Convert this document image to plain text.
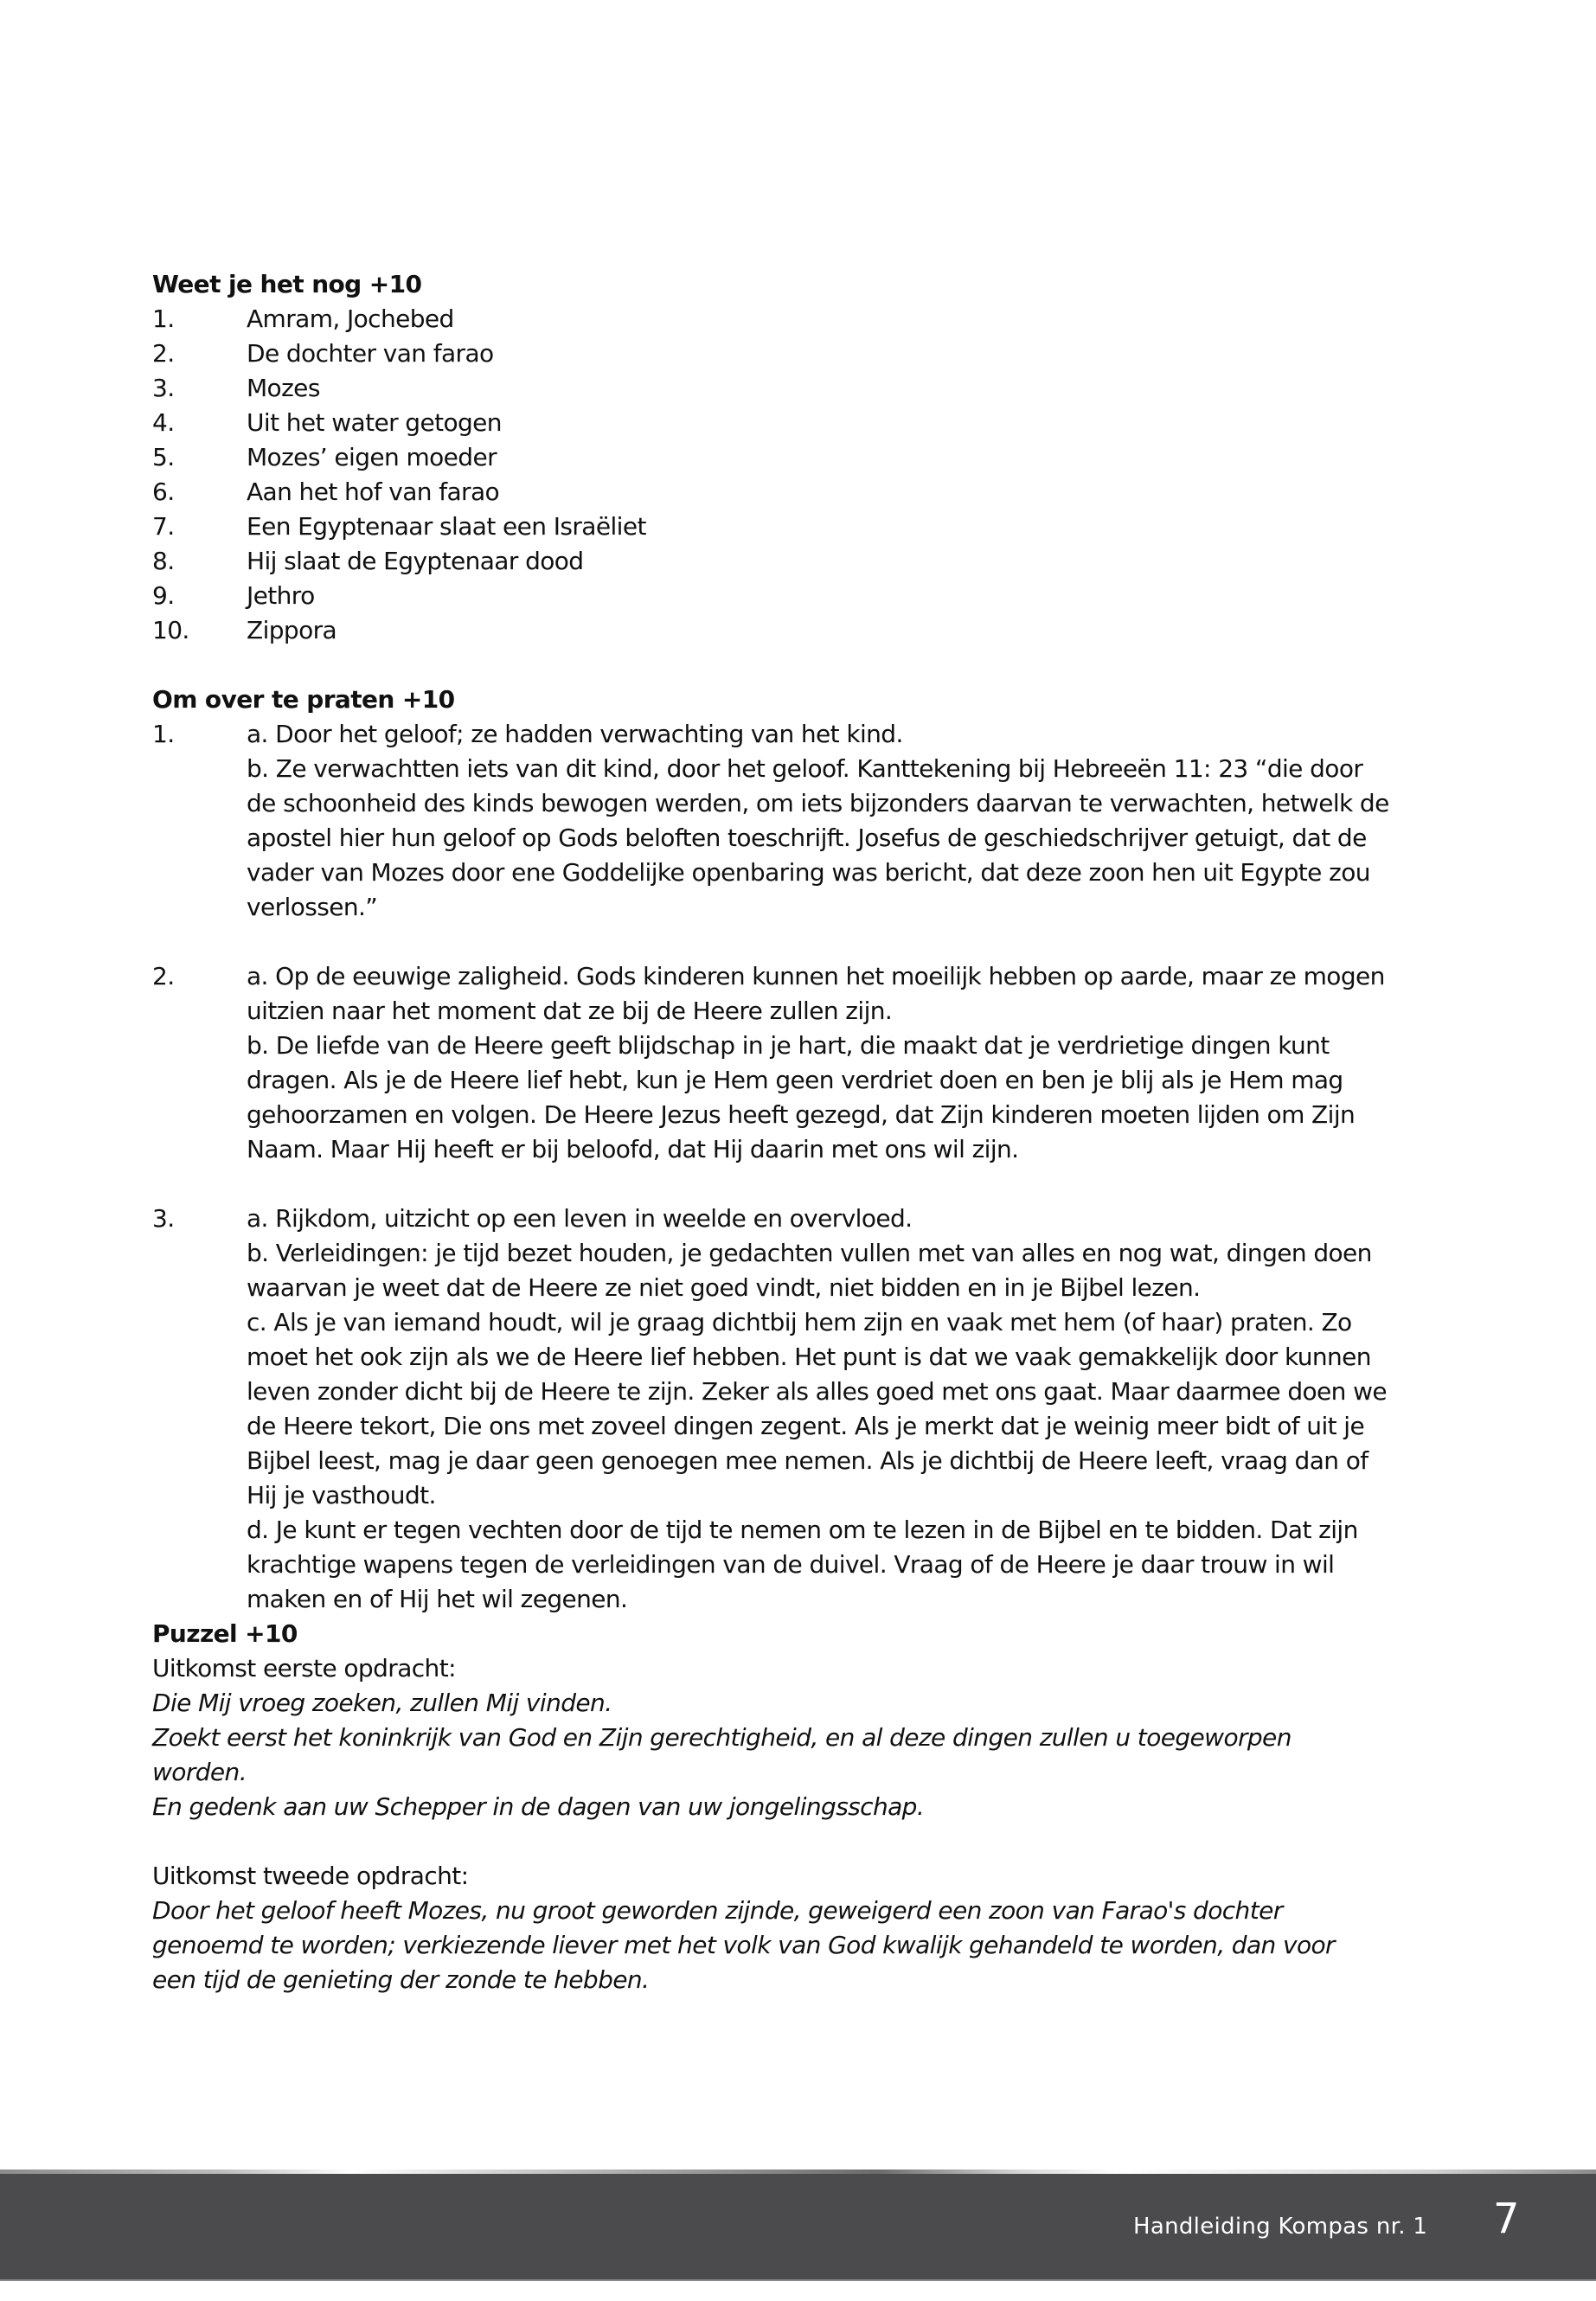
Weet je het nog +10

1.	Amram, Jochebed
2.	De dochter van farao
3.	Mozes
4.	Uit het water getogen
5.	Mozes’ eigen moeder
6.	Aan het hof van farao
7.	Een Egyptenaar slaat een Israëliet
8.	Hij slaat de Egyptenaar dood
9.	Jethro
10.	Zippora

Om over te praten +10

1.	a. Door het geloof; ze hadden verwachting van het kind.

b. Ze verwachtten iets van dit kind, door het geloof. Kanttekening bij Hebreeën 11: 23 “die door de schoonheid des kinds bewogen werden, om iets bijzonders daarvan te verwachten, hetwelk de apostel hier hun geloof op Gods beloften toeschrijft. Josefus de geschiedschrijver getuigt, dat de vader van Mozes door ene Goddelijke openbaring was bericht, dat deze zoon hen uit Egypte zou verlossen.”

2.	a. Op de eeuwige zaligheid. Gods kinderen kunnen het moeilijk hebben op aarde, maar ze mogen uitzien naar het moment dat ze bij de Heere zullen zijn.

b. De liefde van de Heere geeft blijdschap in je hart, die maakt dat je verdrietige dingen kunt dragen. Als je de Heere lief hebt, kun je Hem geen verdriet doen en ben je blij als je Hem mag gehoorzamen en volgen. De Heere Jezus heeft gezegd, dat Zijn kinderen moeten lijden om Zijn Naam. Maar Hij heeft er bij beloofd, dat Hij daarin met ons wil zijn.

3.	a. Rijkdom, uitzicht op een leven in weelde en overvloed.

b. Verleidingen: je tijd bezet houden, je gedachten vullen met van alles en nog wat, dingen doen waarvan je weet dat de Heere ze niet goed vindt, niet bidden en in je Bijbel lezen.

c. Als je van iemand houdt, wil je graag dichtbij hem zijn en vaak met hem (of haar) praten. Zo moet het ook zijn als we de Heere lief hebben. Het punt is dat we vaak gemakkelijk door kunnen leven zonder dicht bij de Heere te zijn. Zeker als alles goed met ons gaat. Maar daarmee doen we de Heere tekort, Die ons met zoveel dingen zegent. Als je merkt dat je weinig meer bidt of uit je Bijbel leest, mag je daar geen genoegen mee nemen. Als je dichtbij de Heere leeft, vraag dan of Hij je vasthoudt.

d. Je kunt er tegen vechten door de tijd te nemen om te lezen in de Bijbel en te bidden. Dat zijn krachtige wapens tegen de verleidingen van de duivel. Vraag of de Heere je daar trouw in wil maken en of Hij het wil zegenen.

Puzzel +10

Uitkomst eerste opdracht:

Die Mij vroeg zoeken, zullen Mij vinden.

Zoekt eerst het koninkrijk van God en Zijn gerechtigheid, en al deze dingen zullen u toegeworpen worden.

En gedenk aan uw Schepper in de dagen van uw jongelingsschap.

Uitkomst tweede opdracht:

Door het geloof heeft Mozes, nu groot geworden zijnde, geweigerd een zoon van Farao's dochter genoemd te worden; verkiezende liever met het volk van God kwalijk gehandeld te worden, dan voor een tijd de genieting der zonde te hebben.

Handleiding Kompas nr. 1 7
